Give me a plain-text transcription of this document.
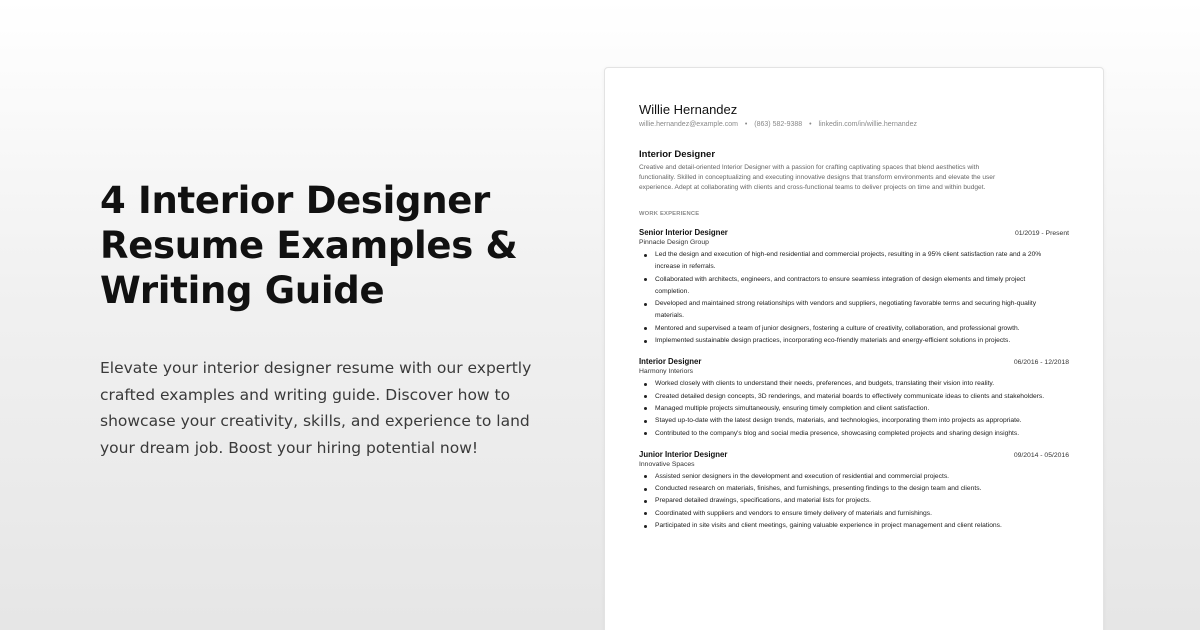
4 Interior Designer
Resume Examples &
Writing Guide

Elevate your interior designer resume with our expertly
crafted examples and writing guide. Discover how to
showcase your creativity, skills, and experience to land
your dream job. Boost your hiring potential now!

Willie Hernandez
willie.hernandez@example.com • (863) 582-9388 • linkedin.com/in/willie.hernandez
Interior Designer
Creative and detail-oriented Interior Designer with a passion for crafting captivating spaces that blend aesthetics with
functionality. Skilled in conceptualizing and executing innovative designs that transform environments and elevate the user
experience. Adept at collaborating with clients and cross-functional teams to deliver projects on time and within budget.
WORK EXPERIENCE
Senior Interior Designer	01/2019 - Present
Pinnacle Design Group
Led the design and execution of high-end residential and commercial projects, resulting in a 95% client satisfaction rate and a 20% increase in referrals.
Collaborated with architects, engineers, and contractors to ensure seamless integration of design elements and timely project completion.
Developed and maintained strong relationships with vendors and suppliers, negotiating favorable terms and securing high-quality materials.
Mentored and supervised a team of junior designers, fostering a culture of creativity, collaboration, and professional growth.
Implemented sustainable design practices, incorporating eco-friendly materials and energy-efficient solutions in projects.
Interior Designer	06/2016 - 12/2018
Harmony Interiors
Worked closely with clients to understand their needs, preferences, and budgets, translating their vision into reality.
Created detailed design concepts, 3D renderings, and material boards to effectively communicate ideas to clients and stakeholders.
Managed multiple projects simultaneously, ensuring timely completion and client satisfaction.
Stayed up-to-date with the latest design trends, materials, and technologies, incorporating them into projects as appropriate.
Contributed to the company's blog and social media presence, showcasing completed projects and sharing design insights.
Junior Interior Designer	09/2014 - 05/2016
Innovative Spaces
Assisted senior designers in the development and execution of residential and commercial projects.
Conducted research on materials, finishes, and furnishings, presenting findings to the design team and clients.
Prepared detailed drawings, specifications, and material lists for projects.
Coordinated with suppliers and vendors to ensure timely delivery of materials and furnishings.
Participated in site visits and client meetings, gaining valuable experience in project management and client relations.
